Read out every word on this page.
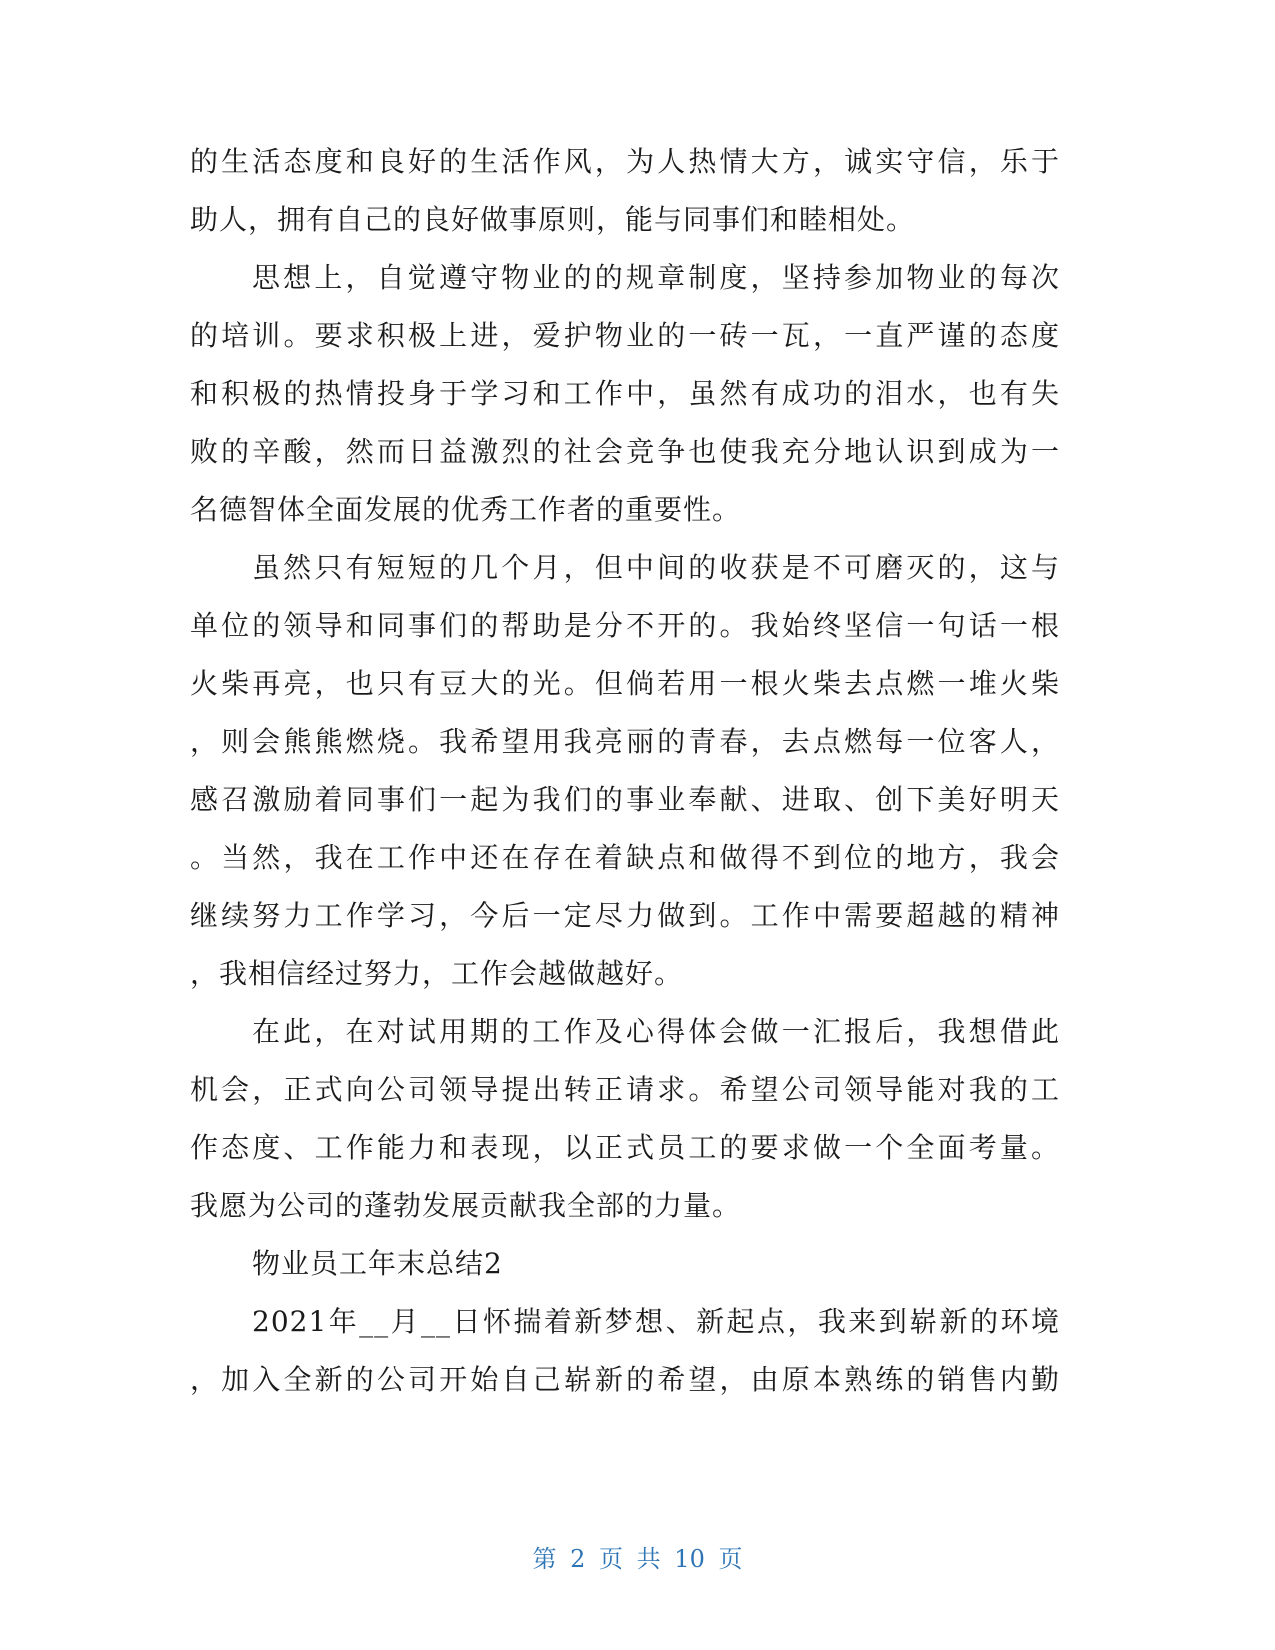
的生活态度和良好的生活作风，为人热情大方，诚实守信，乐于
助人，拥有自己的良好做事原则，能与同事们和睦相处。
思想上，自觉遵守物业的的规章制度，坚持参加物业的每次
的培训。要求积极上进，爱护物业的一砖一瓦，一直严谨的态度
和积极的热情投身于学习和工作中，虽然有成功的泪水，也有失
败的辛酸，然而日益激烈的社会竞争也使我充分地认识到成为一
名德智体全面发展的优秀工作者的重要性。
虽然只有短短的几个月，但中间的收获是不可磨灭的，这与
单位的领导和同事们的帮助是分不开的。我始终坚信一句话一根
火柴再亮，也只有豆大的光。但倘若用一根火柴去点燃一堆火柴
，则会熊熊燃烧。我希望用我亮丽的青春，去点燃每一位客人，
感召激励着同事们一起为我们的事业奉献、进取、创下美好明天
。当然，我在工作中还在存在着缺点和做得不到位的地方，我会
继续努力工作学习，今后一定尽力做到。工作中需要超越的精神
，我相信经过努力，工作会越做越好。
在此，在对试用期的工作及心得体会做一汇报后，我想借此
机会，正式向公司领导提出转正请求。希望公司领导能对我的工
作态度、工作能力和表现，以正式员工的要求做一个全面考量。
我愿为公司的蓬勃发展贡献我全部的力量。
物业员工年末总结2
2021年__月__日怀揣着新梦想、新起点，我来到崭新的环境
，加入全新的公司开始自己崭新的希望，由原本熟练的销售内勤
第 2 页 共 10 页
